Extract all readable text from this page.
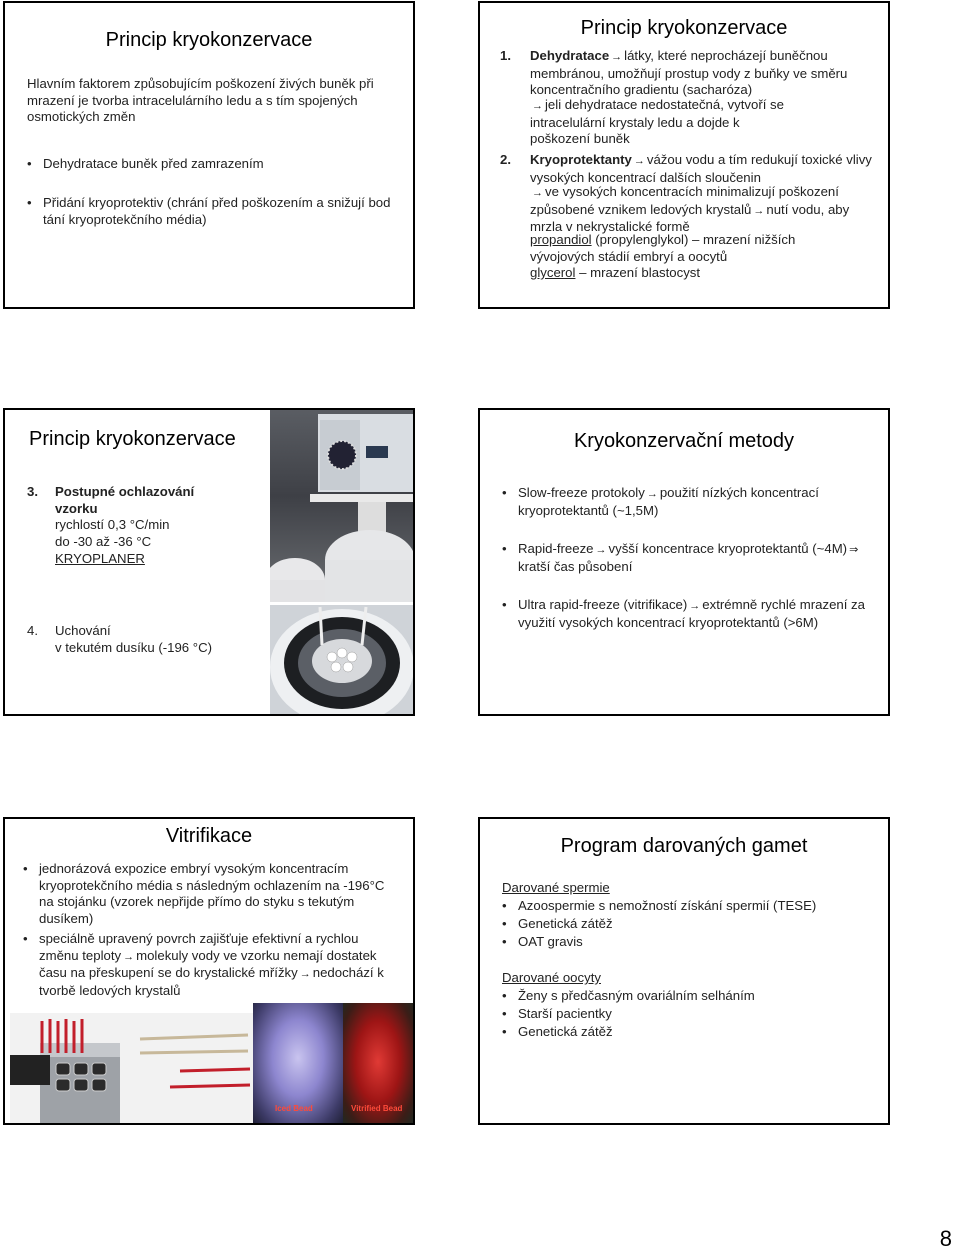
Princip kryokonzervace
Hlavním faktorem způsobujícím poškození živých buněk při mrazení je tvorba intracelulárního ledu a s tím spojených osmotických změn
• Dehydratace buněk před zamrazením
• Přidání kryoprotektiv (chrání před poškozením a snižují bod tání kryoprotekčního média)
Princip kryokonzervace
1. Dehydratace → látky, které neprocházejí buněčnou membránou, umožňují prostup vody z buňky ve směru koncentračního gradientu (sacharóza)
→ jeli dehydratace nedostatečná, vytvoří se intracelulární krystaly ledu a dojde k poškození buněk
2. Kryoprotektanty → vážou vodu a tím redukují toxické vlivy vysokých koncentrací dalších sloučenin
→ ve vysokých koncentracích minimalizují poškození způsobené vznikem ledových krystalů → nutí vodu, aby mrzla v nekrystalické formě
propandiol (propylenglykol) – mrazení nižších vývojových stádií embryí a oocytů
glycerol – mrazení blastocyst
Princip kryokonzervace
3. Postupné ochlazování vzorku
rychlostí 0,3 °C/min
do -30 až -36 °C
KRYOPLANER
4. Uchování
v tekutém dusíku (-196 °C)
Kryokonzervační metody
• Slow-freeze protokoly → použití nízkých koncentrací kryoprotektantů (~1,5M)
• Rapid-freeze → vyšší koncentrace kryoprotektantů (~4M) ⇒kratší čas působení
• Ultra rapid-freeze (vitrifikace) → extrémně rychlé mrazení za využití vysokých koncentrací kryoprotektantů (>6M)
Vitrifikace
• jednorázová expozice embryí vysokým koncentracím kryoprotekčního média s následným ochlazením na -196°C na stojánku (vzorek nepřijde přímo do styku s tekutým dusíkem)
• speciálně upravený povrch zajišťuje efektivní a rychlou změnu teploty → molekuly vody ve vzorku nemají dostatek času na přeskupení se do krystalické mřížky → nedochází k tvorbě ledových krystalů
Iced Bead	Vitrified Bead
Program darovaných gamet
Darované spermie
• Azoospermie s nemožností získání spermií (TESE)
• Genetická zátěž
• OAT gravis
Darované oocyty
• Ženy s předčasným ovariálním selháním
• Starší pacientky
• Genetická zátěž
8
